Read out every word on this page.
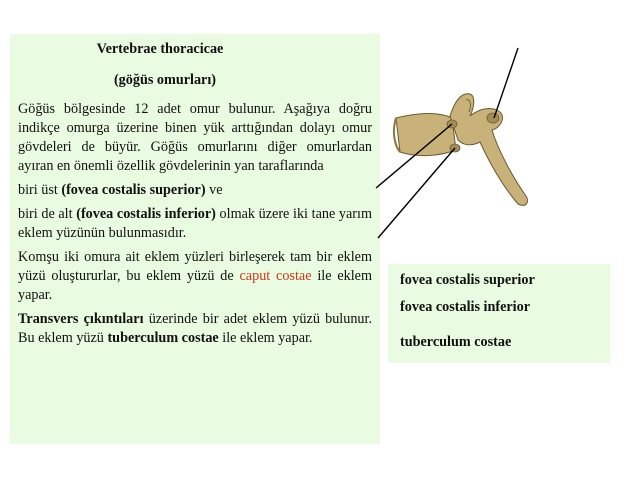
Vertebrae thoracicae
(göğüs omurları)
Göğüs bölgesinde 12 adet omur bulunur. Aşağıya doğru indikçe omurga üzerine binen yük arttığından dolayı omur gövdeleri de büyür. Göğüs omurlarını diğer omurlardan ayıran en önemli özellik gövdelerinin yan taraflarında
biri üst (fovea costalis superior) ve
biri de alt (fovea costalis inferior) olmak üzere iki tane yarım eklem yüzünün bulunmasıdır.
Komşu iki omura ait eklem yüzleri birleşerek tam bir eklem yüzü oluştururlar, bu eklem yüzü de caput costae ile eklem yapar.
Transvers çıkıntıları üzerinde bir adet eklem yüzü bulunur. Bu eklem yüzü tuberculum costae ile eklem yapar.
fovea costalis superior
fovea costalis inferior
tuberculum costae
